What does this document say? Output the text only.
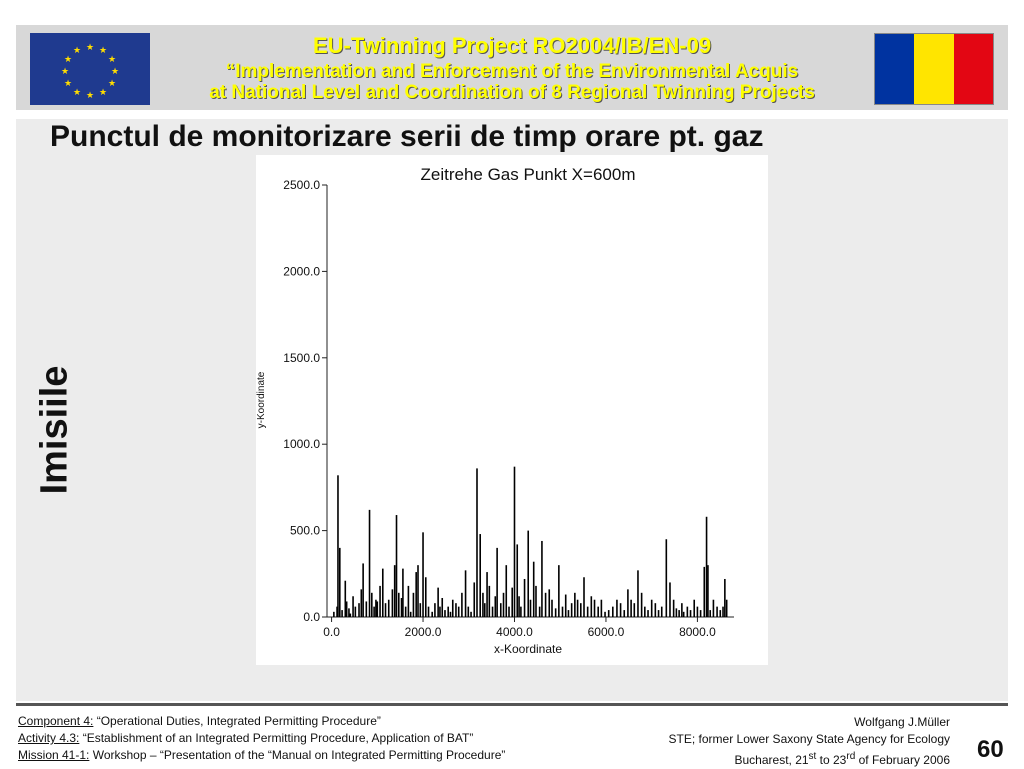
★ ★
★
★
★
★
★
★
★
★
★
★	EU-Twinning Project RO2004/IB/EN-09
“Implementation and Enforcement of the Environmental Acquis
at National Level and Coordination of 8 Regional Twinning Projects
Punctul de monitorizare serii de timp orare pt. gaz
Imisiile
Zeitrehe Gas Punkt X=600m
x-Koordinate
y-Koordinate
0.0
500.0
1000.0
1500.0
2000.0
2500.0
0.0	2000.0	4000.0	6000.0	8000.0
Component 4: “Operational Duties, Integrated Permitting Procedure”
Activity 4.3: “Establishment of an Integrated Permitting Procedure, Application of BAT”
Mission 41-1: Workshop – “Presentation of the “Manual on Integrated Permitting Procedure”
Wolfgang J.Müller
STE; former Lower Saxony State Agency for Ecology
Bucharest, 21st to 23rd of February 2006 60
